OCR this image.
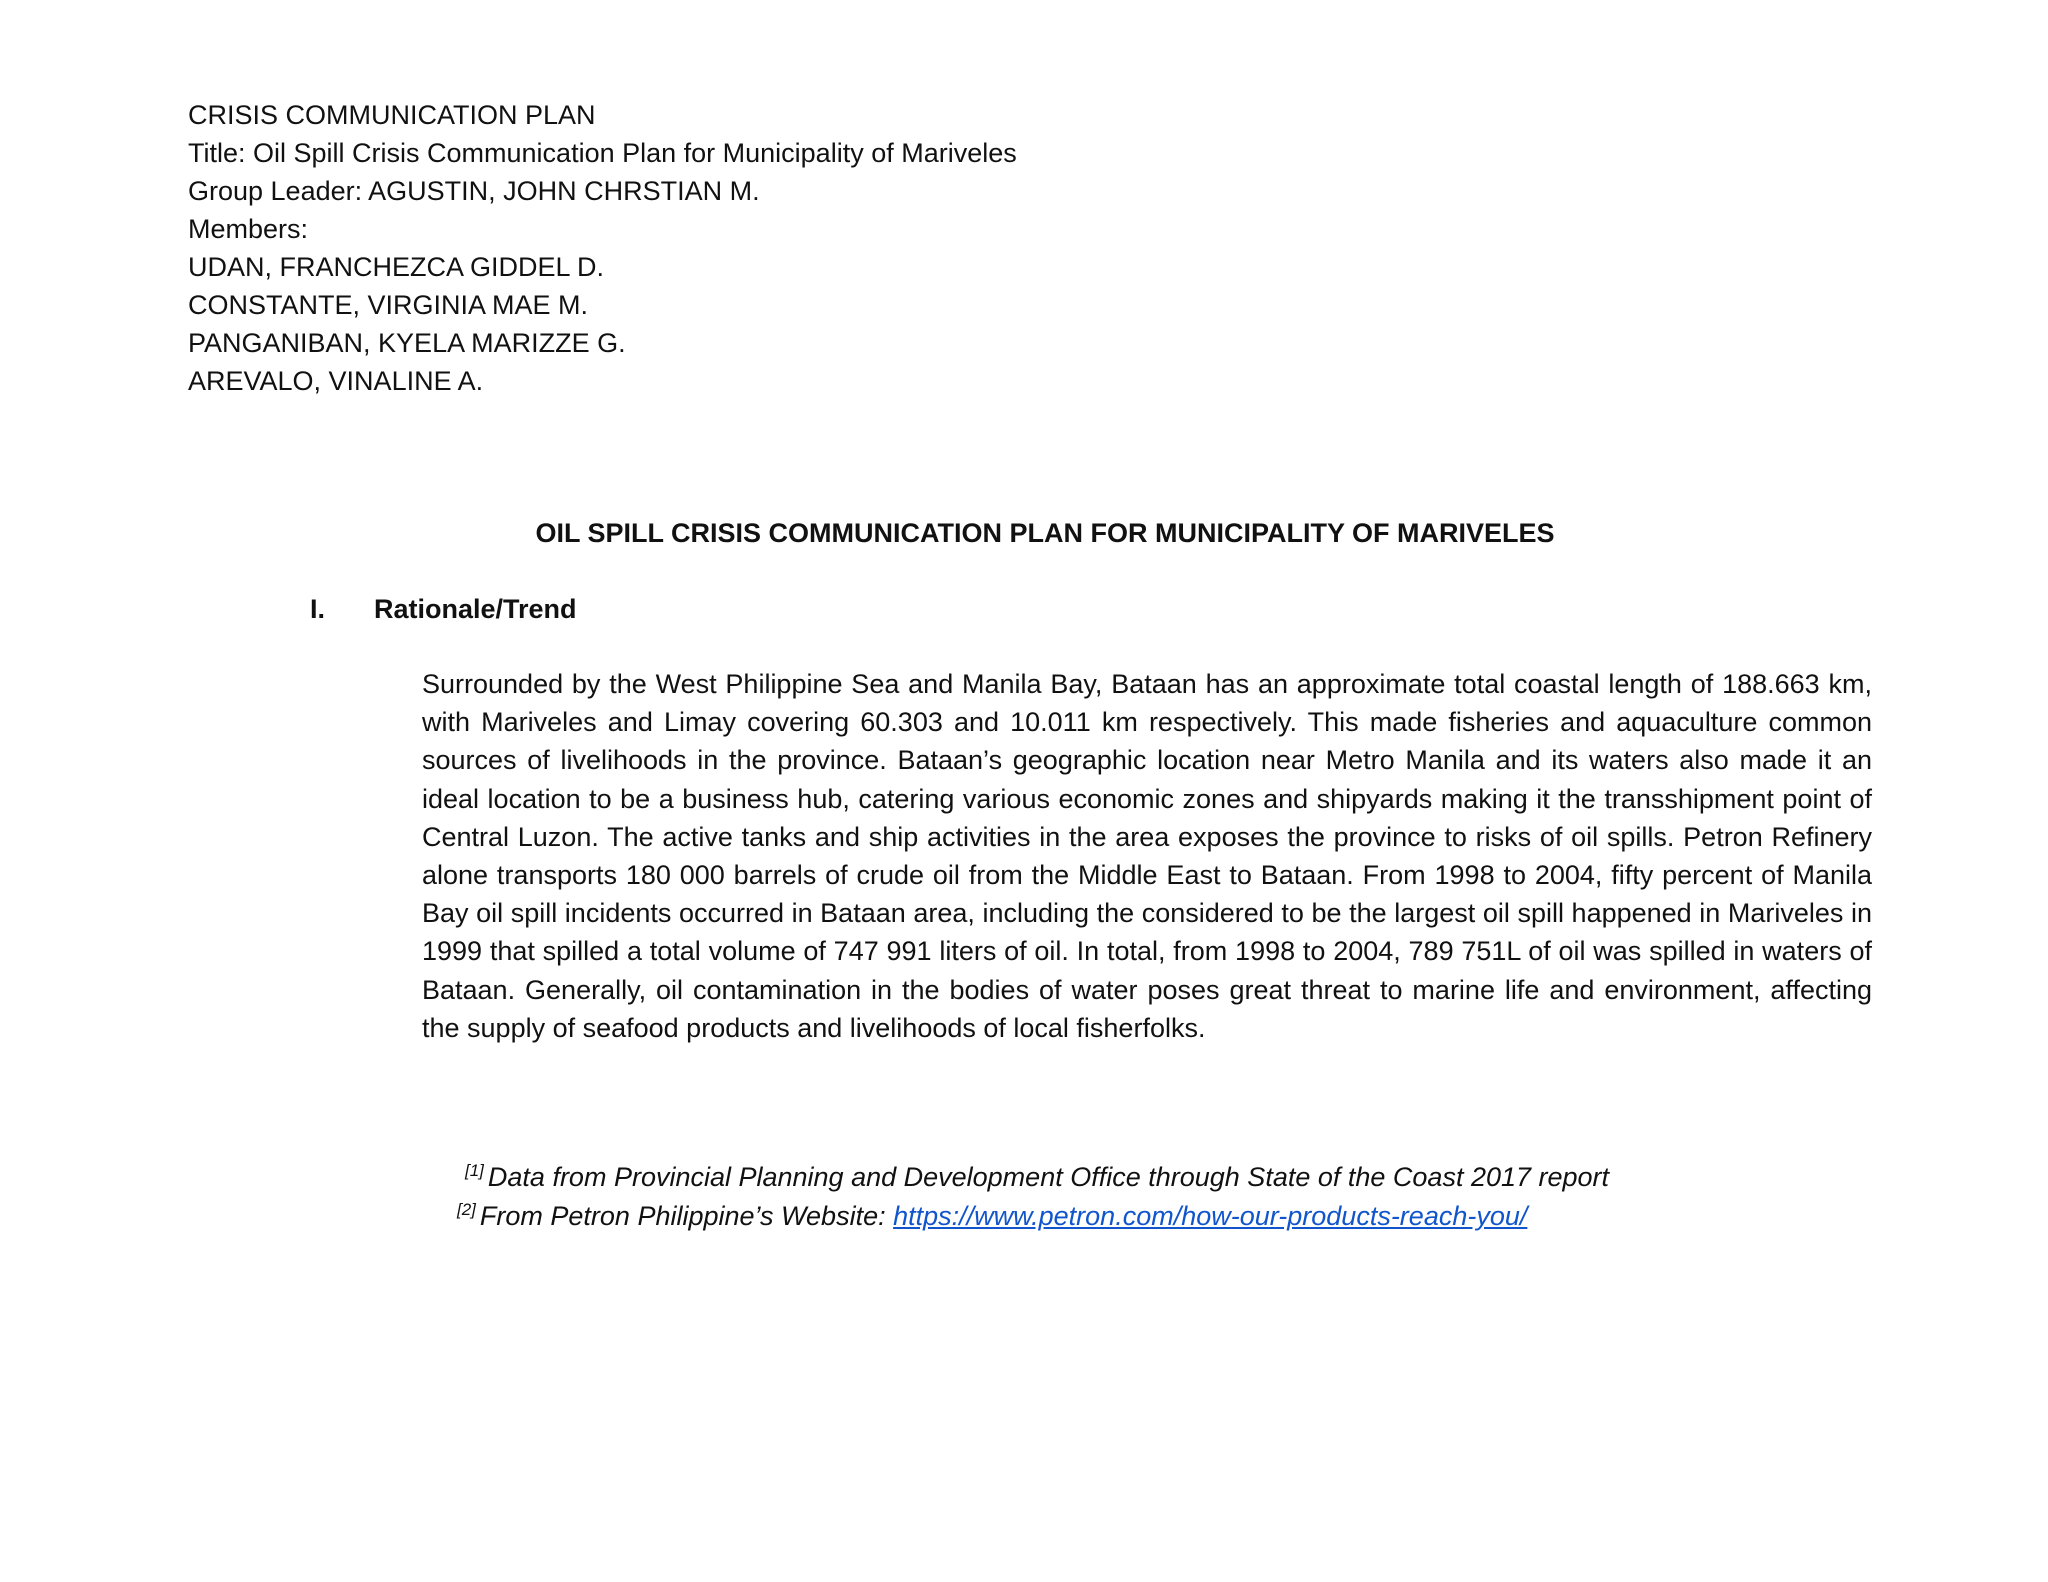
CRISIS COMMUNICATION PLAN
Title: Oil Spill Crisis Communication Plan for Municipality of Mariveles
Group Leader: AGUSTIN, JOHN CHRSTIAN M.
Members:
UDAN, FRANCHEZCA GIDDEL D.
CONSTANTE, VIRGINIA MAE M.
PANGANIBAN, KYELA MARIZZE G.
AREVALO, VINALINE A.
OIL SPILL CRISIS COMMUNICATION PLAN FOR MUNICIPALITY OF MARIVELES
I. Rationale/Trend
Surrounded by the West Philippine Sea and Manila Bay, Bataan has an approximate total coastal length of 188.663 km, with Mariveles and Limay covering 60.303 and 10.011 km respectively. This made fisheries and aquaculture common sources of livelihoods in the province. Bataan’s geographic location near Metro Manila and its waters also made it an ideal location to be a business hub, catering various economic zones and shipyards making it the transshipment point of Central Luzon. The active tanks and ship activities in the area exposes the province to risks of oil spills. Petron Refinery alone transports 180 000 barrels of crude oil from the Middle East to Bataan. From 1998 to 2004, fifty percent of Manila Bay oil spill incidents occurred in Bataan area, including the considered to be the largest oil spill happened in Mariveles in 1999 that spilled a total volume of 747 991 liters of oil. In total, from 1998 to 2004, 789 751L of oil was spilled in waters of Bataan. Generally, oil contamination in the bodies of water poses great threat to marine life and environment, affecting the supply of seafood products and livelihoods of local fisherfolks.
[1] Data from Provincial Planning and Development Office through State of the Coast 2017 report
[2] From Petron Philippine’s Website: https://www.petron.com/how-our-products-reach-you/
